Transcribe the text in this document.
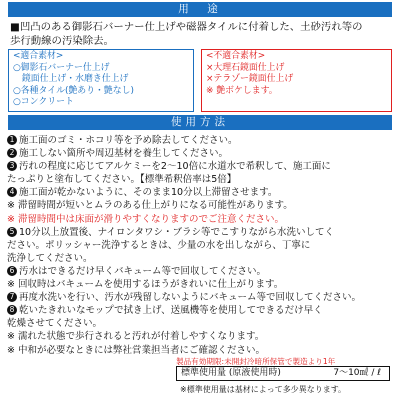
用　途
■凹凸のある御影石バーナー仕上げや磁器タイルに付着した、土砂汚れ等の
歩行動線の汚染除去。
<適合素材>
○御影石バーナー仕上げ
　鏡面仕上げ・水磨き仕上げ
○各種タイル(艶あり・艶なし)
○コンクリート
<不適合素材>
×大理石鏡面仕上げ
×テラゾー鏡面仕上げ
※ 艶ボケします。
使用方法
1 施工面のゴミ・ホコリ等を予め除去してください。
2 施工しない箇所や周辺基材を養生してください。
3 汚れの程度に応じてアルケミーを2〜10倍に水道水で希釈して、施工面に
たっぷりと塗布してください。【標準希釈倍率は5倍】
4 施工面が乾かないように、そのまま10分以上滞留させます。
※ 滞留時間が短いとムラのある仕上がりになる可能性があります。
※ 滞留時間中は床面が滑りやすくなりますのでご注意ください。
5 10分以上放置後、ナイロンタワシ・ブラシ等でこすりながら水洗いしてく
ださい。ポリッシャー洗浄するときは、少量の水を出しながら、丁寧に
洗浄してください。
6 汚水はできるだけ早くバキューム等で回収してください。
※ 回収時はバキュームを使用するほうがきれいに仕上がります。
7 再度水洗いを行い、汚水が残留しないようにバキューム等で回収してください。
8 乾いたきれいなモップで拭き上げ、送風機等を使用してできるだけ早く
乾燥させてください。
※ 濡れた状態で歩行されると汚れが付着しやすくなります。
※ 中和が必要なときには弊社営業担当者にご確認ください。
製品有効期限:未開封冷暗所保管で製造より1年
標準使用量 (原液使用時)	7〜10㎖ / ℓ
※標準使用量は基材によって多少異なります。
